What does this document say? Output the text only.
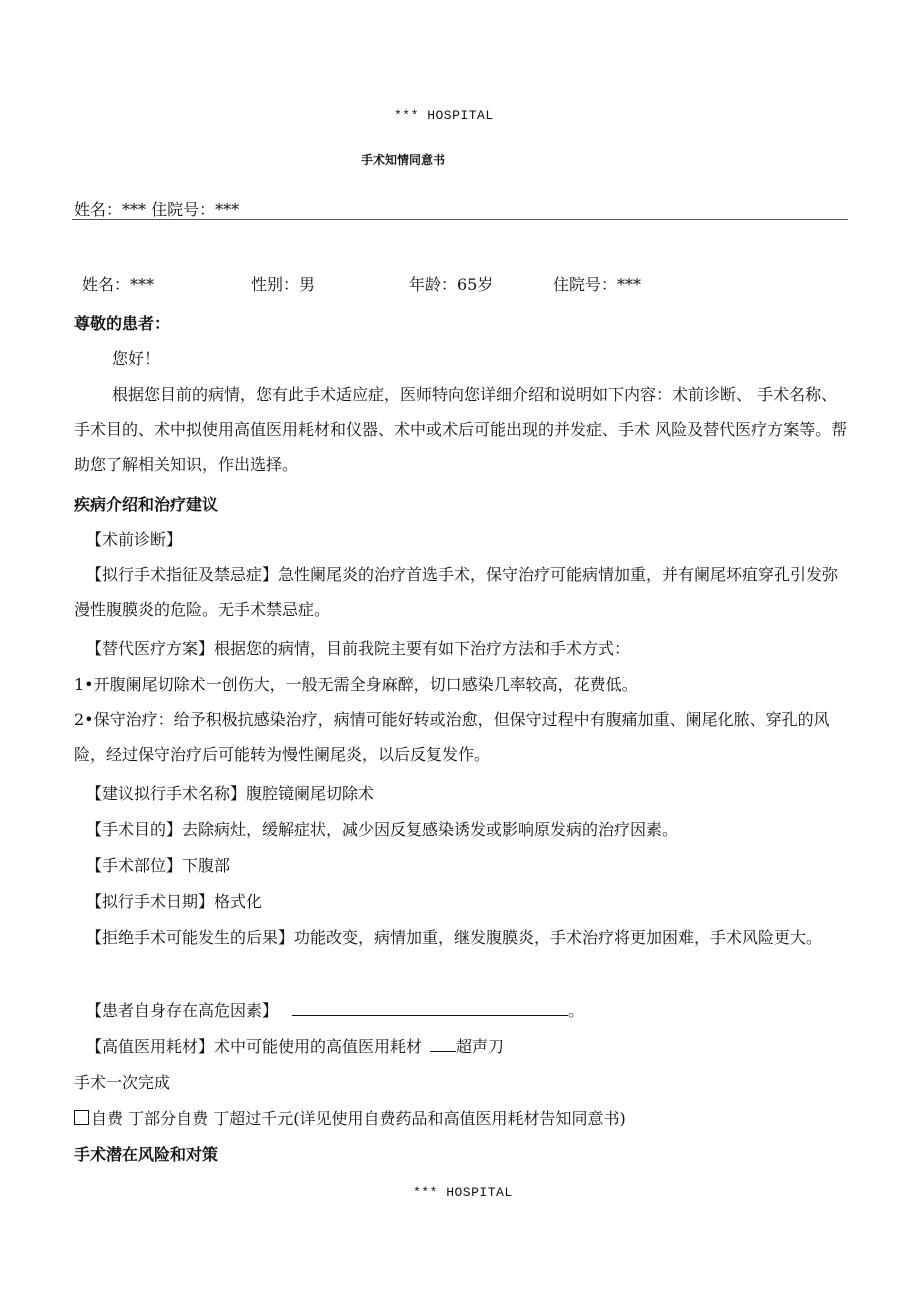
*** HOSPITAL
手术知情同意书
姓名：*** 住院号：***
姓名：***	性别：男	年龄：65岁	住院号：***
尊敬的患者：
您好！
根据您目前的病情，您有此手术适应症，医师特向您详细介绍和说明如下内容：术前诊断、 手术名称、手术目的、术中拟使用高值医用耗材和仪器、术中或术后可能出现的并发症、手术 风险及替代医疗方案等。帮助您了解相关知识，作出选择。
疾病介绍和治疗建议
【术前诊断】
【拟行手术指征及禁忌症】急性阑尾炎的治疗首选手术，保守治疗可能病情加重，并有阑尾坏疽穿孔引发弥漫性腹膜炎的危险。无手术禁忌症。
【替代医疗方案】根据您的病情，目前我院主要有如下治疗方法和手术方式：
1•开腹阑尾切除术一创伤大，一般无需全身麻醉，切口感染几率较高，花费低。
2•保守治疗：给予积极抗感染治疗，病情可能好转或治愈，但保守过程中有腹痛加重、阑尾化脓、穿孔的风险，经过保守治疗后可能转为慢性阑尾炎，以后反复发作。
【建议拟行手术名称】腹腔镜阑尾切除术
【手术目的】去除病灶，缓解症状，减少因反复感染诱发或影响原发病的治疗因素。
【手术部位】下腹部
【拟行手术日期】格式化
【拒绝手术可能发生的后果】功能改变，病情加重，继发腹膜炎，手术治疗将更加困难，手术风险更大。
【患者自身存在高危因素】	。
【高值医用耗材】术中可能使用的高值医用耗材 超声刀
手术一次完成
自费 丁部分自费 丁超过千元(详见使用自费药品和高值医用耗材告知同意书)
手术潜在风险和对策
*** HOSPITAL
